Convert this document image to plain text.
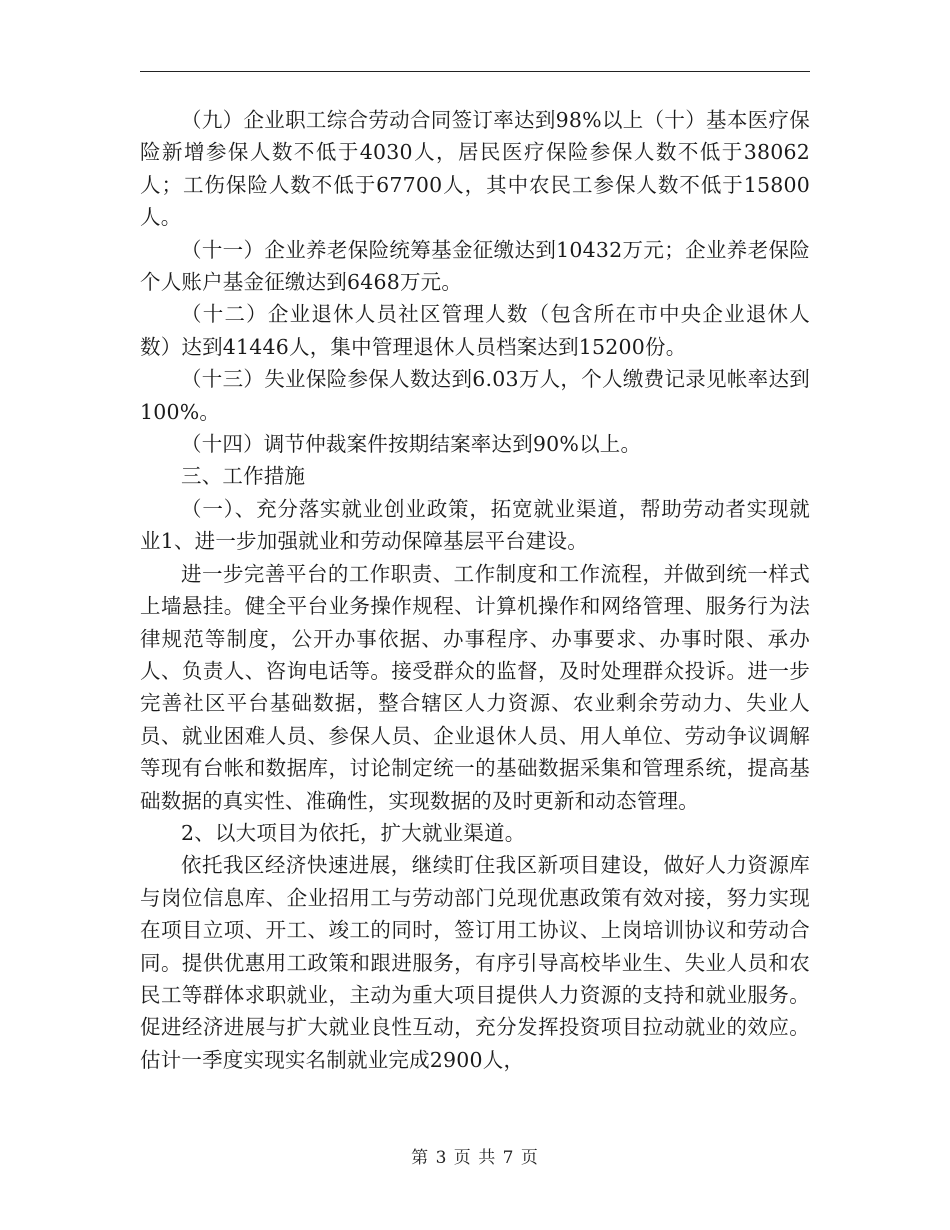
（九）企业职工综合劳动合同签订率达到98%以上（十）基本医疗保险新增参保人数不低于4030人，居民医疗保险参保人数不低于38062人；工伤保险人数不低于67700人，其中农民工参保人数不低于15800人。

（十一）企业养老保险统筹基金征缴达到10432万元；企业养老保险个人账户基金征缴达到6468万元。

（十二）企业退休人员社区管理人数（包含所在市中央企业退休人数）达到41446人，集中管理退休人员档案达到15200份。

（十三）失业保险参保人数达到6.03万人，个人缴费记录见帐率达到100%。

（十四）调节仲裁案件按期结案率达到90%以上。

三、工作措施

（一）、充分落实就业创业政策，拓宽就业渠道，帮助劳动者实现就业1、进一步加强就业和劳动保障基层平台建设。

进一步完善平台的工作职责、工作制度和工作流程，并做到统一样式上墙悬挂。健全平台业务操作规程、计算机操作和网络管理、服务行为法律规范等制度，公开办事依据、办事程序、办事要求、办事时限、承办人、负责人、咨询电话等。接受群众的监督，及时处理群众投诉。进一步完善社区平台基础数据，整合辖区人力资源、农业剩余劳动力、失业人员、就业困难人员、参保人员、企业退休人员、用人单位、劳动争议调解等现有台帐和数据库，讨论制定统一的基础数据采集和管理系统，提高基础数据的真实性、准确性，实现数据的及时更新和动态管理。

2、以大项目为依托，扩大就业渠道。

依托我区经济快速进展，继续盯住我区新项目建设，做好人力资源库与岗位信息库、企业招用工与劳动部门兑现优惠政策有效对接，努力实现在项目立项、开工、竣工的同时，签订用工协议、上岗培训协议和劳动合同。提供优惠用工政策和跟进服务，有序引导高校毕业生、失业人员和农民工等群体求职就业，主动为重大项目提供人力资源的支持和就业服务。促进经济进展与扩大就业良性互动，充分发挥投资项目拉动就业的效应。估计一季度实现实名制就业完成2900人，

第 3 页 共 7 页
